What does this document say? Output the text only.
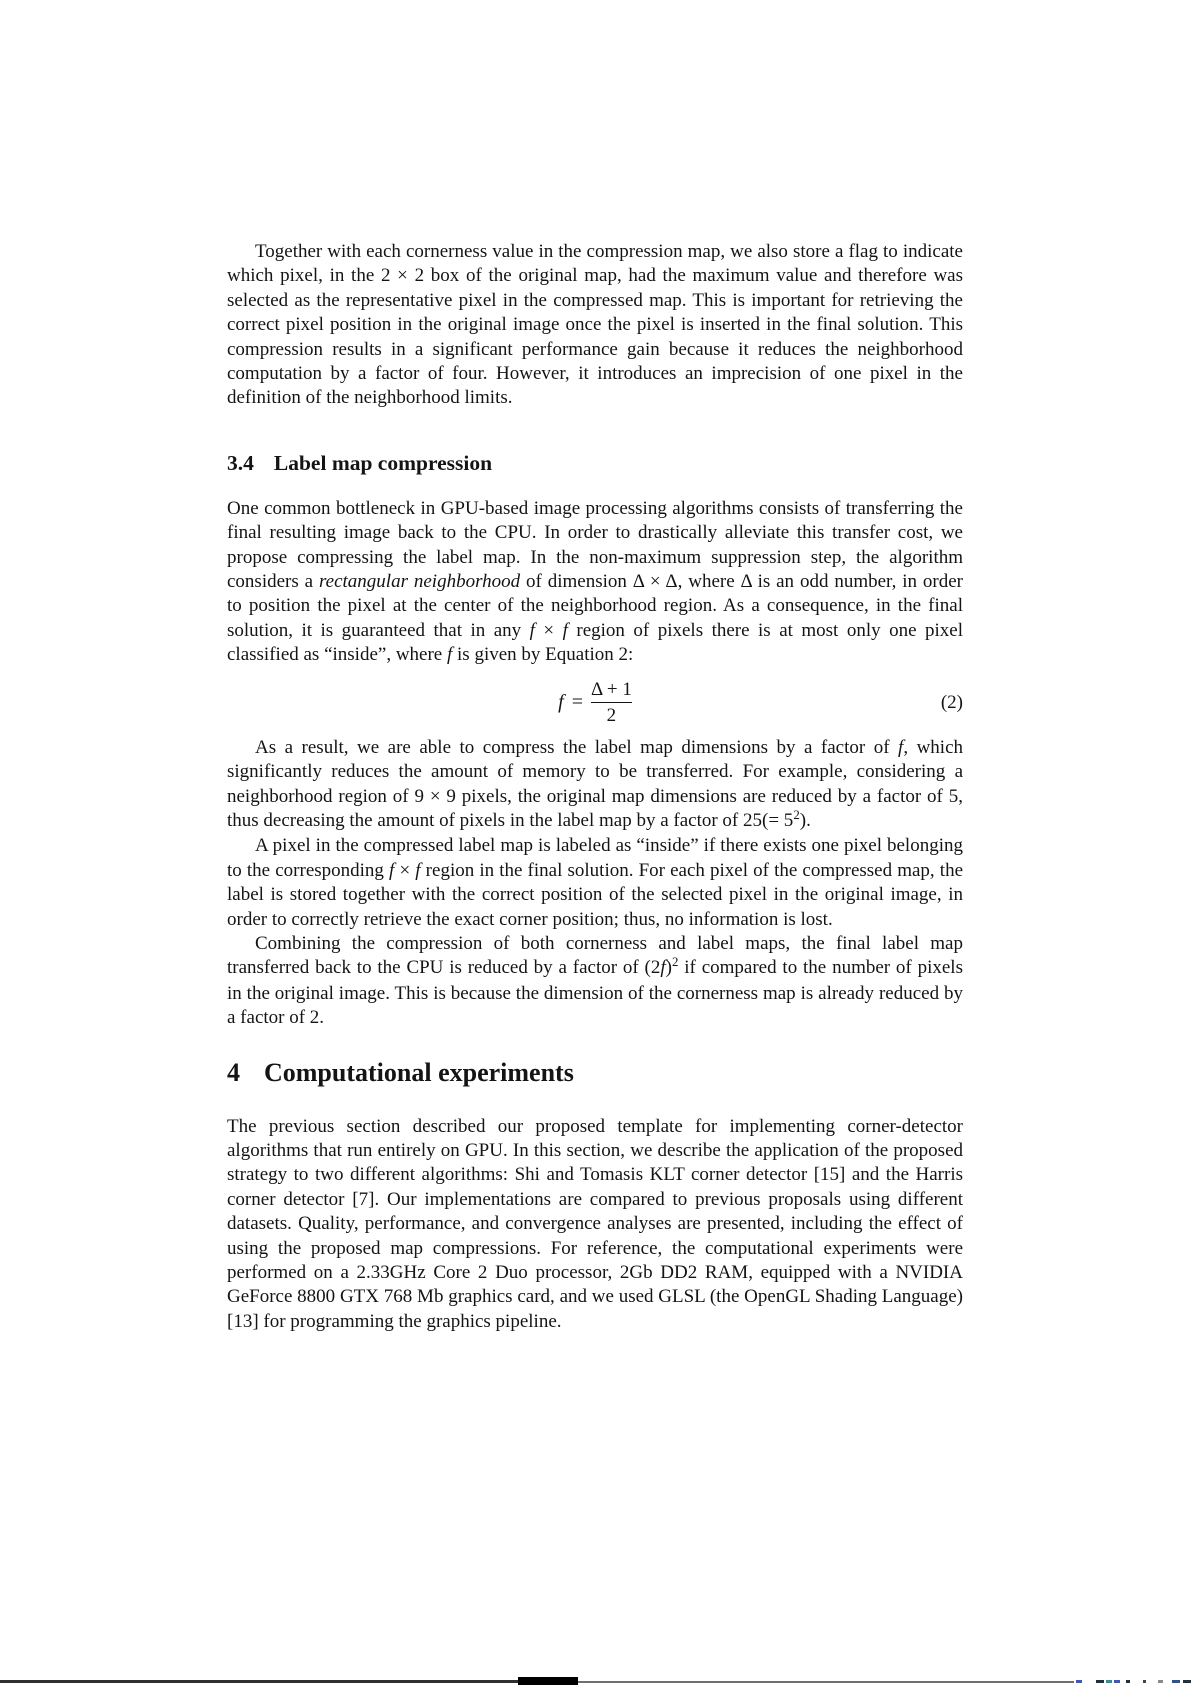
Together with each cornerness value in the compression map, we also store a flag to indicate which pixel, in the 2 × 2 box of the original map, had the maximum value and therefore was selected as the representative pixel in the compressed map. This is important for retrieving the correct pixel position in the original image once the pixel is inserted in the final solution. This compression results in a significant performance gain because it reduces the neighborhood computation by a factor of four. However, it introduces an imprecision of one pixel in the definition of the neighborhood limits.

3.4 Label map compression

One common bottleneck in GPU-based image processing algorithms consists of transferring the final resulting image back to the CPU. In order to drastically alleviate this transfer cost, we propose compressing the label map. In the non-maximum suppression step, the algorithm considers a rectangular neighborhood of dimension Δ × Δ, where Δ is an odd number, in order to position the pixel at the center of the neighborhood region. As a consequence, in the final solution, it is guaranteed that in any f × f region of pixels there is at most only one pixel classified as “inside”, where f is given by Equation 2:

$f = \frac{\Delta + 1}{2}$	(2)

As a result, we are able to compress the label map dimensions by a factor of f, which significantly reduces the amount of memory to be transferred. For example, considering a neighborhood region of 9 × 9 pixels, the original map dimensions are reduced by a factor of 5, thus decreasing the amount of pixels in the label map by a factor of $25(= 5^2)$.

A pixel in the compressed label map is labeled as “inside” if there exists one pixel belonging to the corresponding f × f region in the final solution. For each pixel of the compressed map, the label is stored together with the correct position of the selected pixel in the original image, in order to correctly retrieve the exact corner position; thus, no information is lost.

Combining the compression of both cornerness and label maps, the final label map transferred back to the CPU is reduced by a factor of $(2f)^2$ if compared to the number of pixels in the original image. This is because the dimension of the cornerness map is already reduced by a factor of 2.

4 Computational experiments

The previous section described our proposed template for implementing corner-detector algorithms that run entirely on GPU. In this section, we describe the application of the proposed strategy to two different algorithms: Shi and Tomasis KLT corner detector [15] and the Harris corner detector [7]. Our implementations are compared to previous proposals using different datasets. Quality, performance, and convergence analyses are presented, including the effect of using the proposed map compressions. For reference, the computational experiments were performed on a 2.33GHz Core 2 Duo processor, 2Gb DD2 RAM, equipped with a NVIDIA GeForce 8800 GTX 768 Mb graphics card, and we used GLSL (the OpenGL Shading Language) [13] for programming the graphics pipeline.
